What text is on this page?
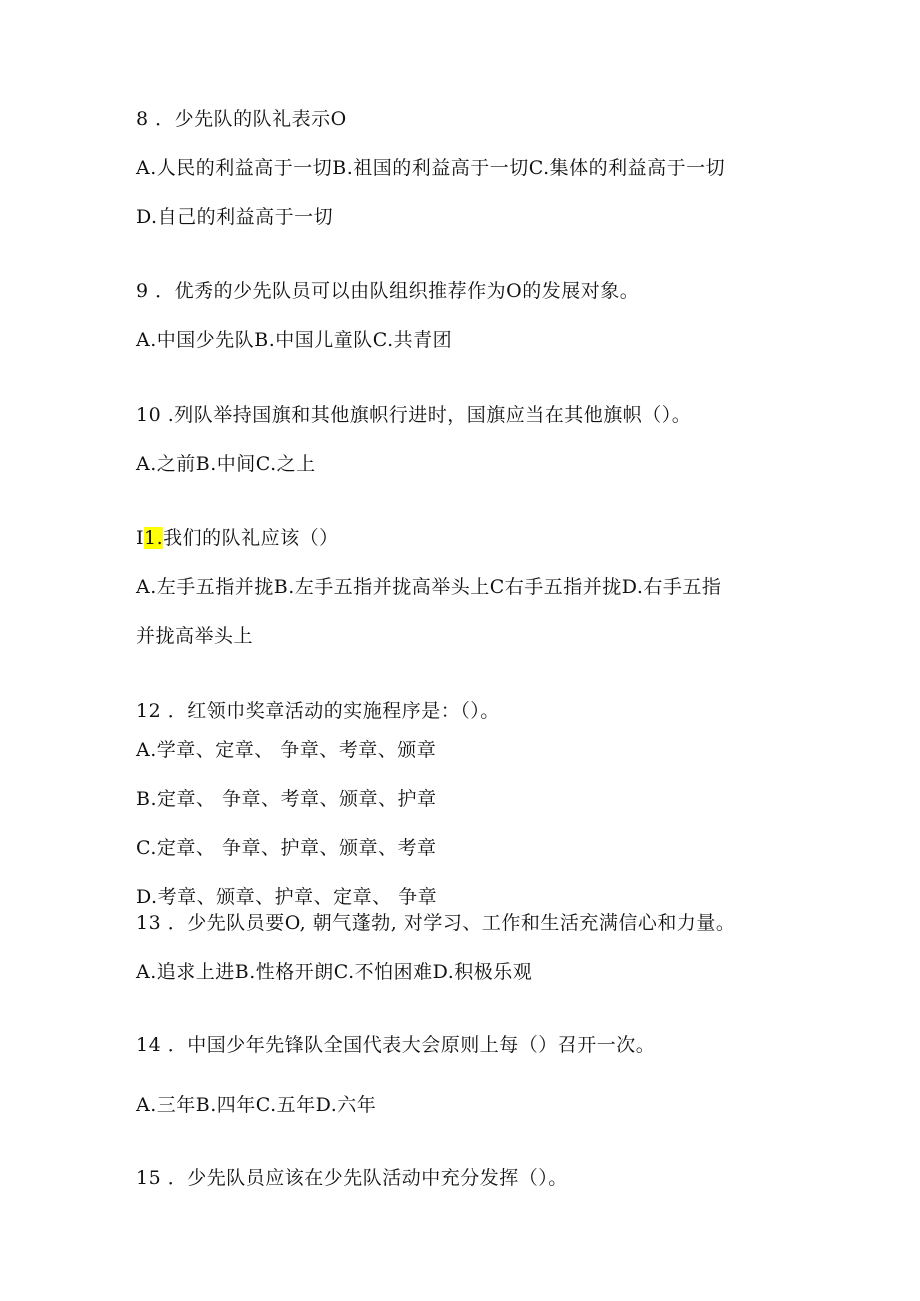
8 ．少先队的队礼表示O
A.人民的利益高于一切B.祖国的利益高于一切C.集体的利益高于一切
D.自己的利益高于一切
9 ．优秀的少先队员可以由队组织推荐作为O的发展对象。
A.中国少先队B.中国儿童队C.共青团
10 .列队举持国旗和其他旗帜行进时，国旗应当在其他旗帜（）。
A.之前B.中间C.之上
I1.我们的队礼应该（）
A.左手五指并拢B.左手五指并拢高举头上C右手五指并拢D.右手五指
并拢高举头上
12 ．红领巾奖章活动的实施程序是：（）。
A.学章、定章、 争章、考章、颁章
B.定章、 争章、考章、颁章、护章
C.定章、 争章、护章、颁章、考章
D.考章、颁章、护章、定章、 争章
13 ．少先队员要O, 朝气蓬勃, 对学习、工作和生活充满信心和力量。
A.追求上进B.性格开朗C.不怕困难D.积极乐观
14 ．中国少年先锋队全国代表大会原则上每（）召开一次。
A.三年B.四年C.五年D.六年
15 ．少先队员应该在少先队活动中充分发挥（）。
